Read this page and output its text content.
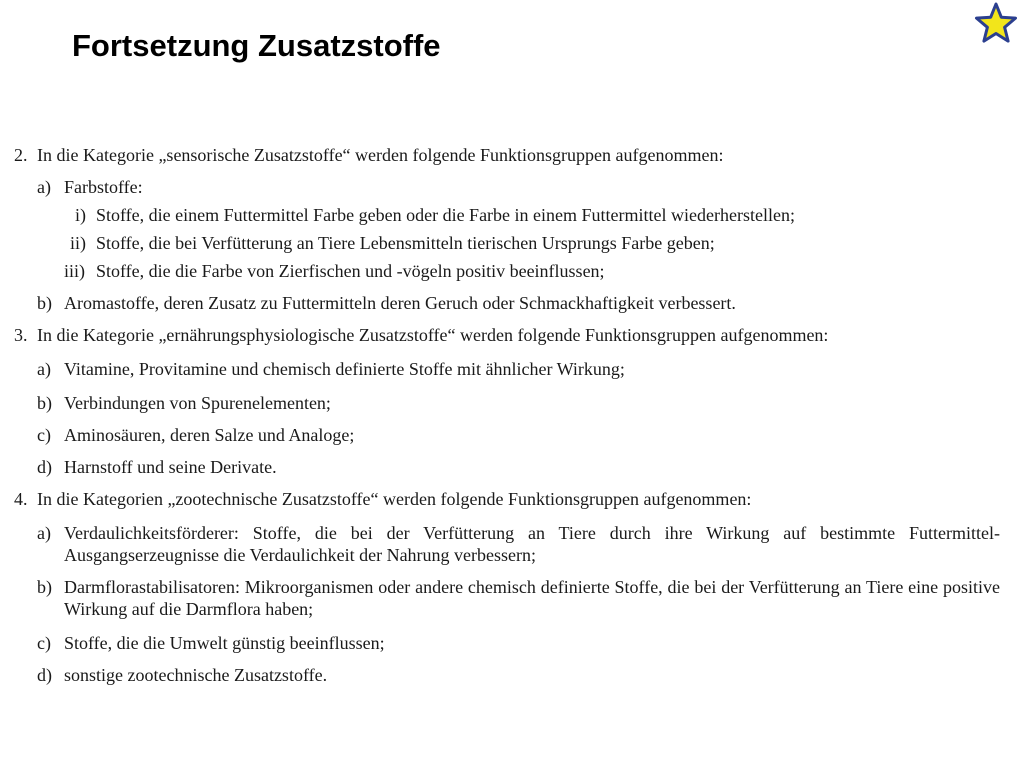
Fortsetzung Zusatzstoffe
2. In die Kategorie „sensorische Zusatzstoffe“ werden folgende Funktionsgruppen aufgenommen:
a) Farbstoffe:
i) Stoffe, die einem Futtermittel Farbe geben oder die Farbe in einem Futtermittel wiederherstellen;
ii) Stoffe, die bei Verfütterung an Tiere Lebensmitteln tierischen Ursprungs Farbe geben;
iii) Stoffe, die die Farbe von Zierfischen und -vögeln positiv beeinflussen;
b) Aromastoffe, deren Zusatz zu Futtermitteln deren Geruch oder Schmackhaftigkeit verbessert.
3. In die Kategorie „ernährungsphysiologische Zusatzstoffe“ werden folgende Funktionsgruppen aufgenommen:
a) Vitamine, Provitamine und chemisch definierte Stoffe mit ähnlicher Wirkung;
b) Verbindungen von Spurenelementen;
c) Aminosäuren, deren Salze und Analoge;
d) Harnstoff und seine Derivate.
4. In die Kategorien „zootechnische Zusatzstoffe“ werden folgende Funktionsgruppen aufgenommen:
a) Verdaulichkeitsförderer: Stoffe, die bei der Verfütterung an Tiere durch ihre Wirkung auf bestimmte Futtermittel-Ausgangserzeugnisse die Verdaulichkeit der Nahrung verbessern;
b) Darmflorastabilisatoren: Mikroorganismen oder andere chemisch definierte Stoffe, die bei der Verfütterung an Tiere eine positive Wirkung auf die Darmflora haben;
c) Stoffe, die die Umwelt günstig beeinflussen;
d) sonstige zootechnische Zusatzstoffe.
